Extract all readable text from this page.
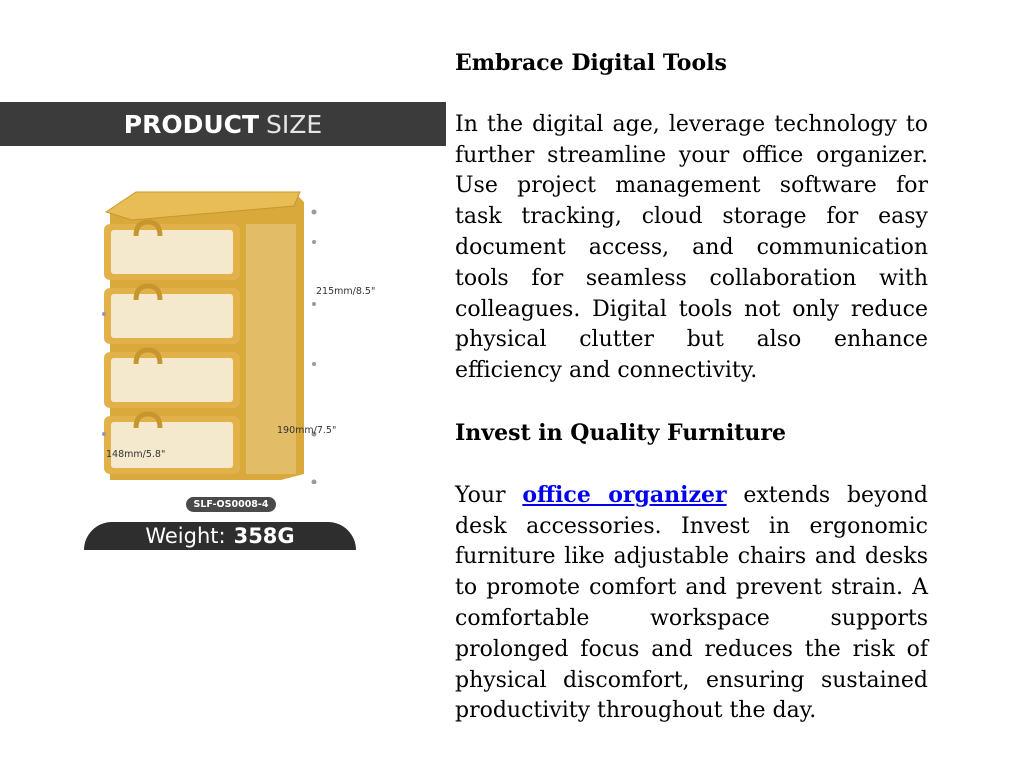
PRODUCT SIZE
215mm/8.5"
190mm/7.5"
148mm/5.8"
SLF-OS0008-4
Weight: 358G
Embrace Digital Tools

In the digital age, leverage technology to further streamline your office organizer. Use project management software for task tracking, cloud storage for easy document access, and communication tools for seamless collaboration with colleagues. Digital tools not only reduce physical clutter but also enhance efficiency and connectivity.

Invest in Quality Furniture

Your office organizer extends beyond desk accessories. Invest in ergonomic furniture like adjustable chairs and desks to promote comfort and prevent strain. A comfortable workspace supports prolonged focus and reduces the risk of physical discomfort, ensuring sustained productivity throughout the day.
